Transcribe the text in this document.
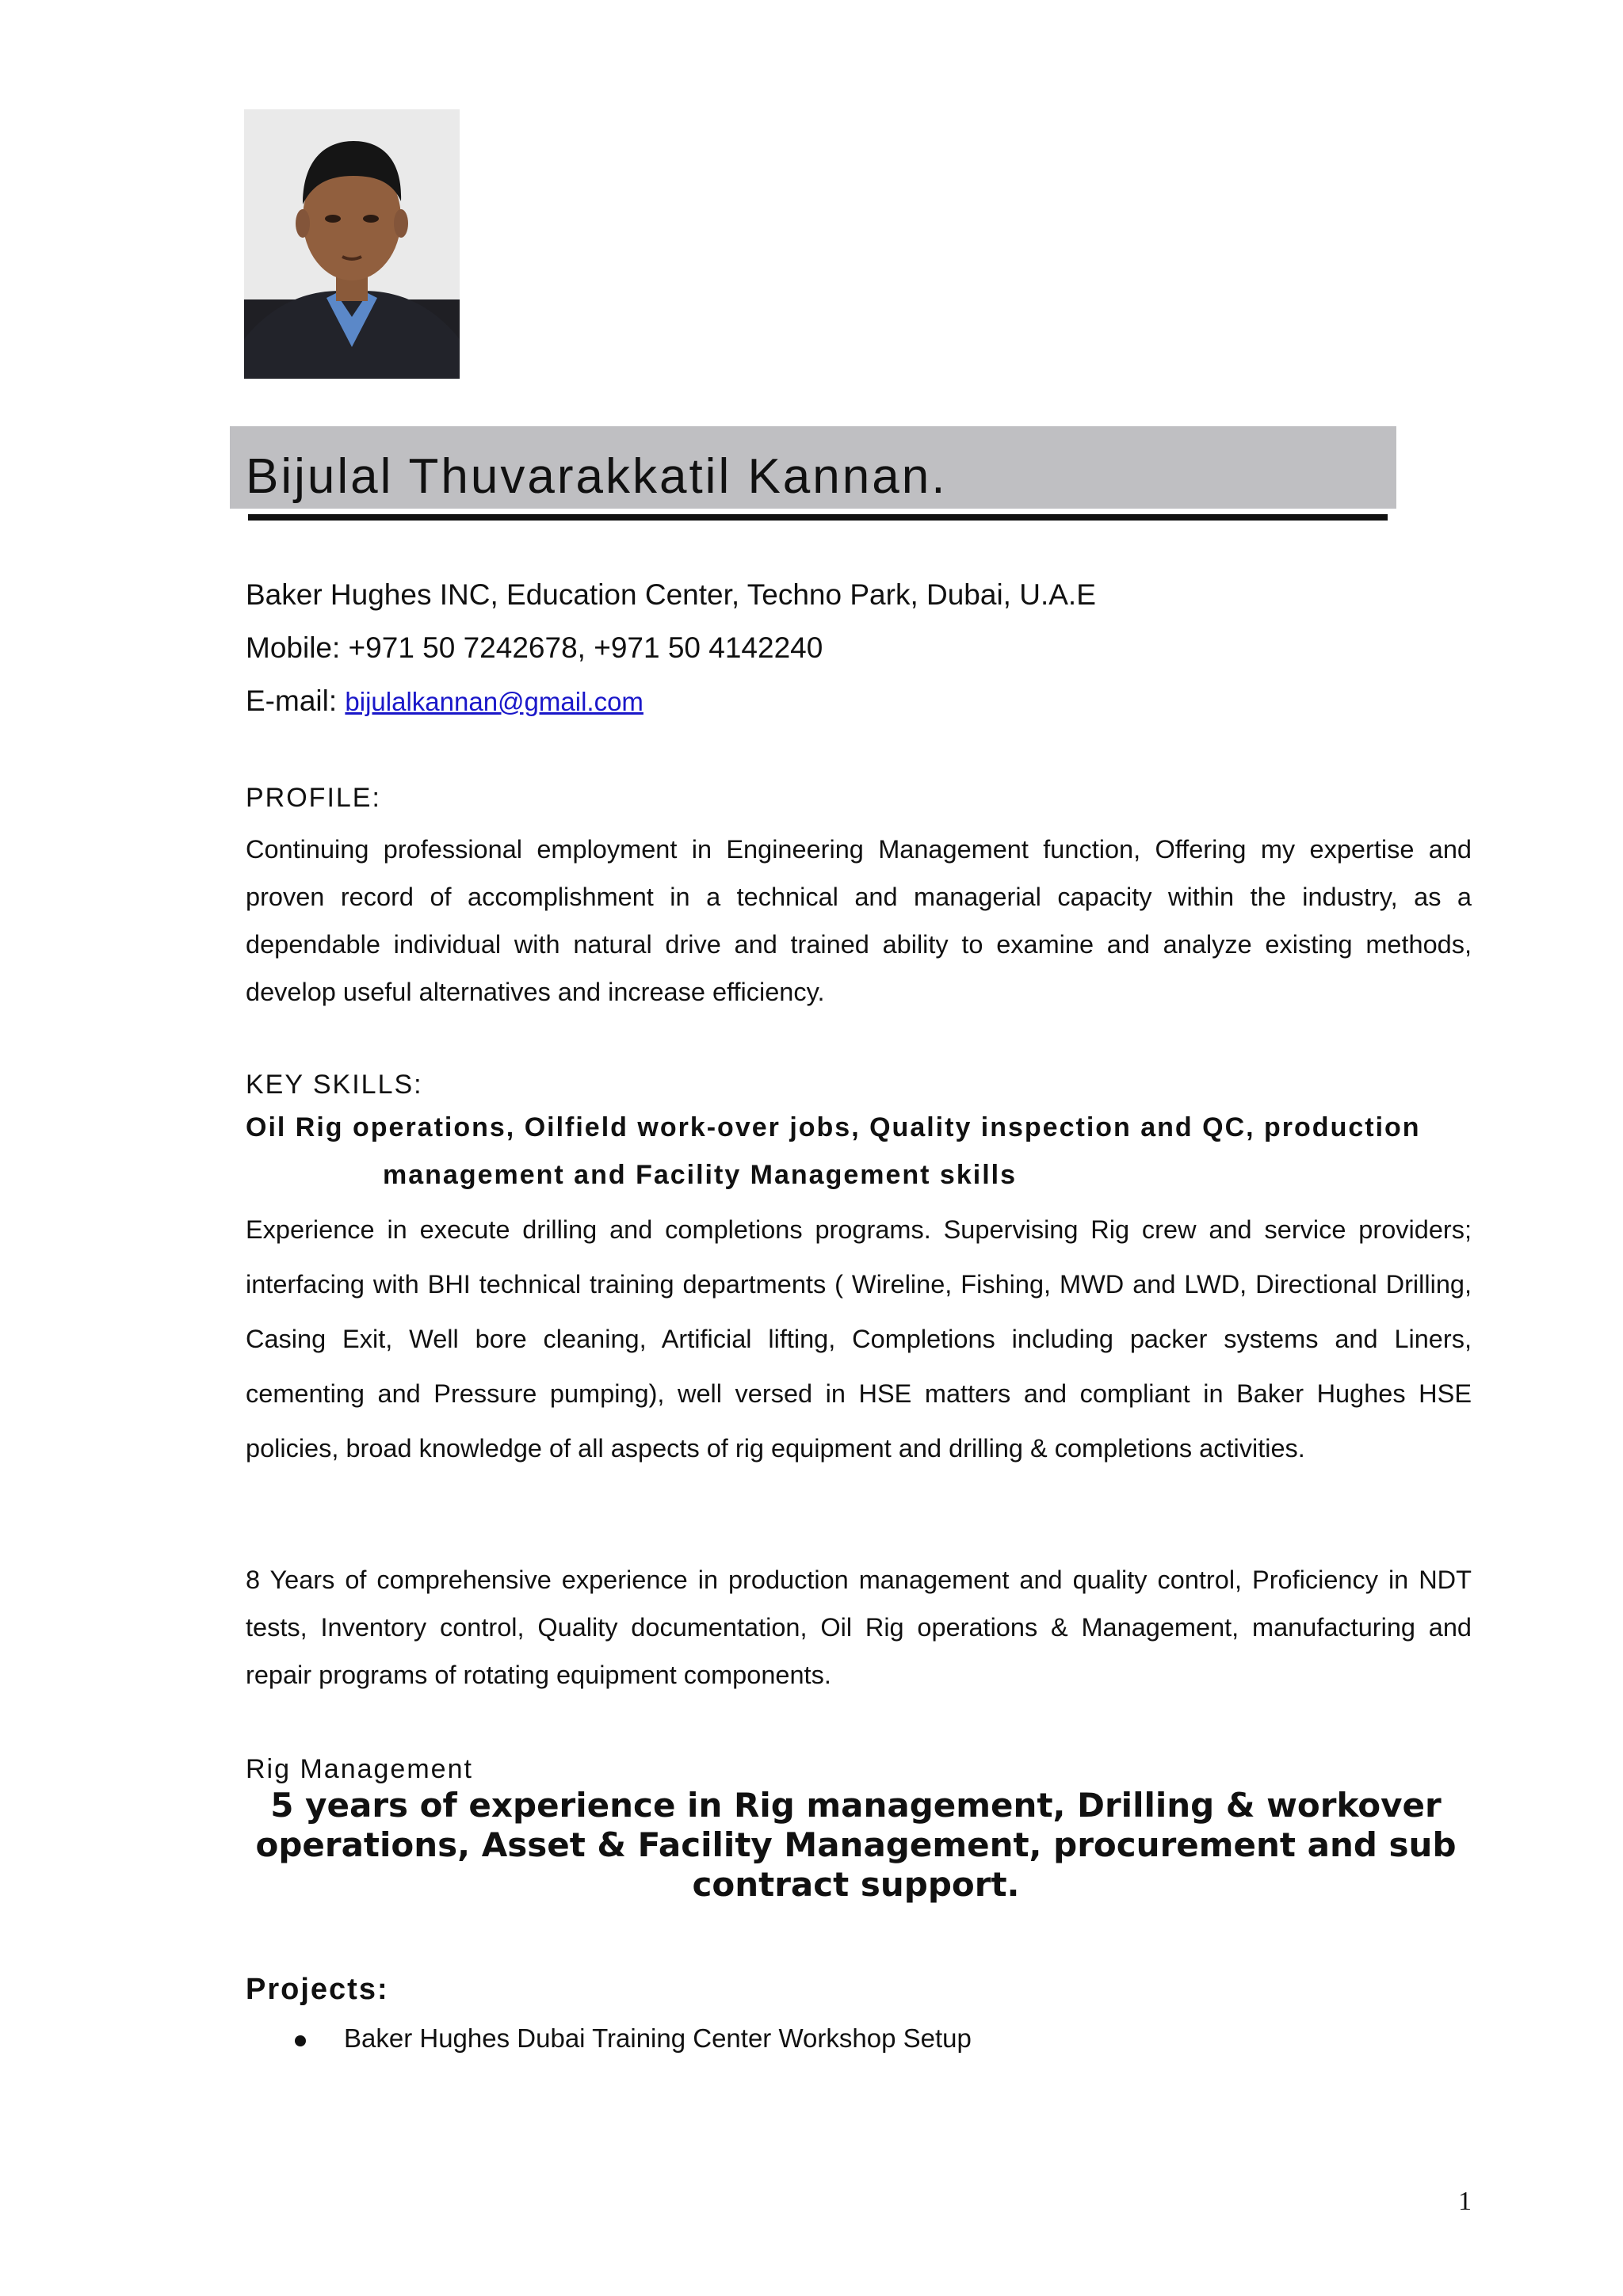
Bijulal Thuvarakkatil Kannan.
Baker Hughes INC, Education Center, Techno Park, Dubai, U.A.E
Mobile: +971 50 7242678, +971 50 4142240
E-mail: bijulalkannan@gmail.com
PROFILE:
Continuing professional employment in Engineering Management function, Offering my expertise and proven record of accomplishment in a technical and managerial capacity within the industry, as a dependable individual with natural drive and trained ability to examine and analyze existing methods, develop useful alternatives and increase efficiency.
KEY SKILLS:
Oil Rig operations, Oilfield work-over jobs, Quality inspection and QC, production
management and Facility Management skills
Experience in execute drilling and completions programs. Supervising Rig crew and service providers; interfacing with BHI technical training departments ( Wireline, Fishing, MWD and LWD, Directional Drilling, Casing Exit, Well bore cleaning, Artificial lifting, Completions including packer systems and Liners, cementing and Pressure pumping), well versed in HSE matters and compliant in Baker Hughes HSE policies, broad knowledge of all aspects of rig equipment and drilling & completions activities.
8 Years of comprehensive experience in production management and quality control, Proficiency in NDT tests, Inventory control, Quality documentation, Oil Rig operations & Management, manufacturing and repair programs of rotating equipment components.
Rig Management
5 years of experience in Rig management, Drilling & workover operations, Asset & Facility Management, procurement and sub contract support.
Projects:
Baker Hughes Dubai Training Center Workshop Setup
1
